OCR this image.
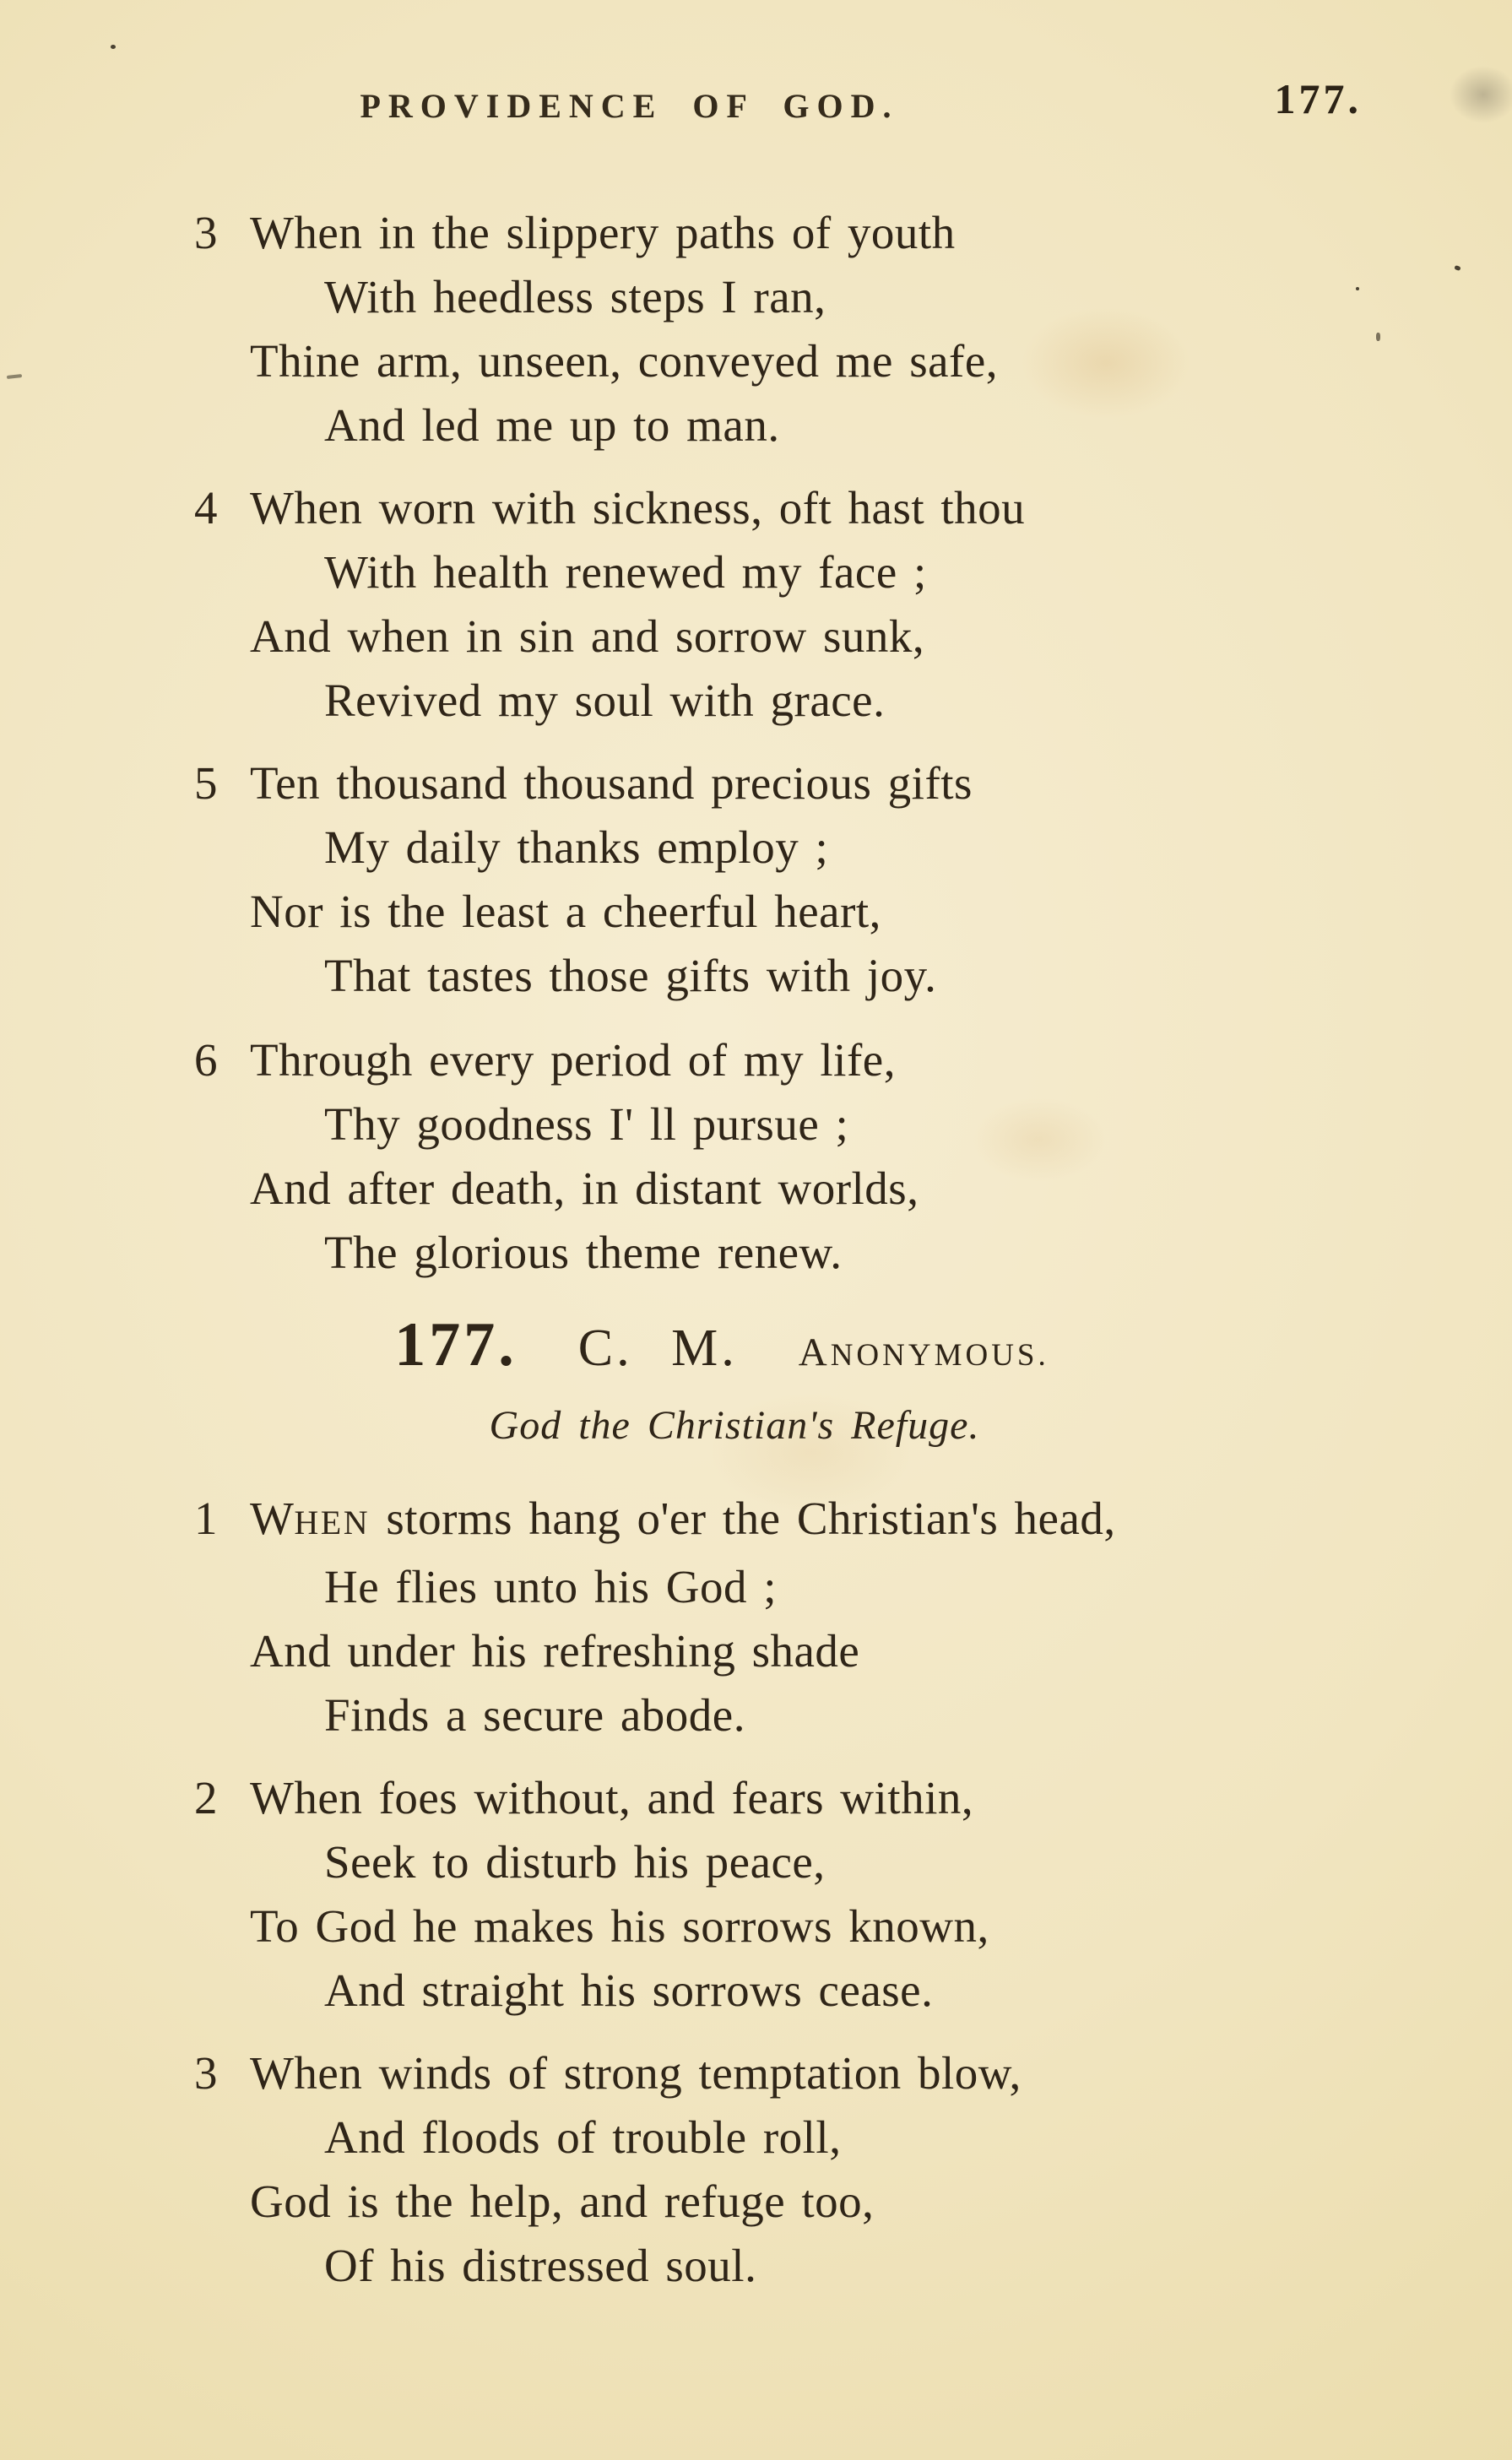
PROVIDENCE OF GOD.	177.
3 When in the slippery paths of youth
With heedless steps I ran,
Thine arm, unseen, conveyed me safe,
And led me up to man.
4 When worn with sickness, oft hast thou
With health renewed my face ;
And when in sin and sorrow sunk,
Revived my soul with grace.
5 Ten thousand thousand precious gifts
My daily thanks employ ;
Nor is the least a cheerful heart,
That tastes those gifts with joy.
6 Through every period of my life,
Thy goodness I' ll pursue ;
And after death, in distant worlds,
The glorious theme renew.
177. C. M. ANONYMOUS.
God the Christian's Refuge.
1 WHEN storms hang o'er the Christian's head,
He flies unto his God ;
And under his refreshing shade
Finds a secure abode.
2 When foes without, and fears within,
Seek to disturb his peace,
To God he makes his sorrows known,
And straight his sorrows cease.
3 When winds of strong temptation blow,
And floods of trouble roll,
God is the help, and refuge too,
Of his distressed soul.
